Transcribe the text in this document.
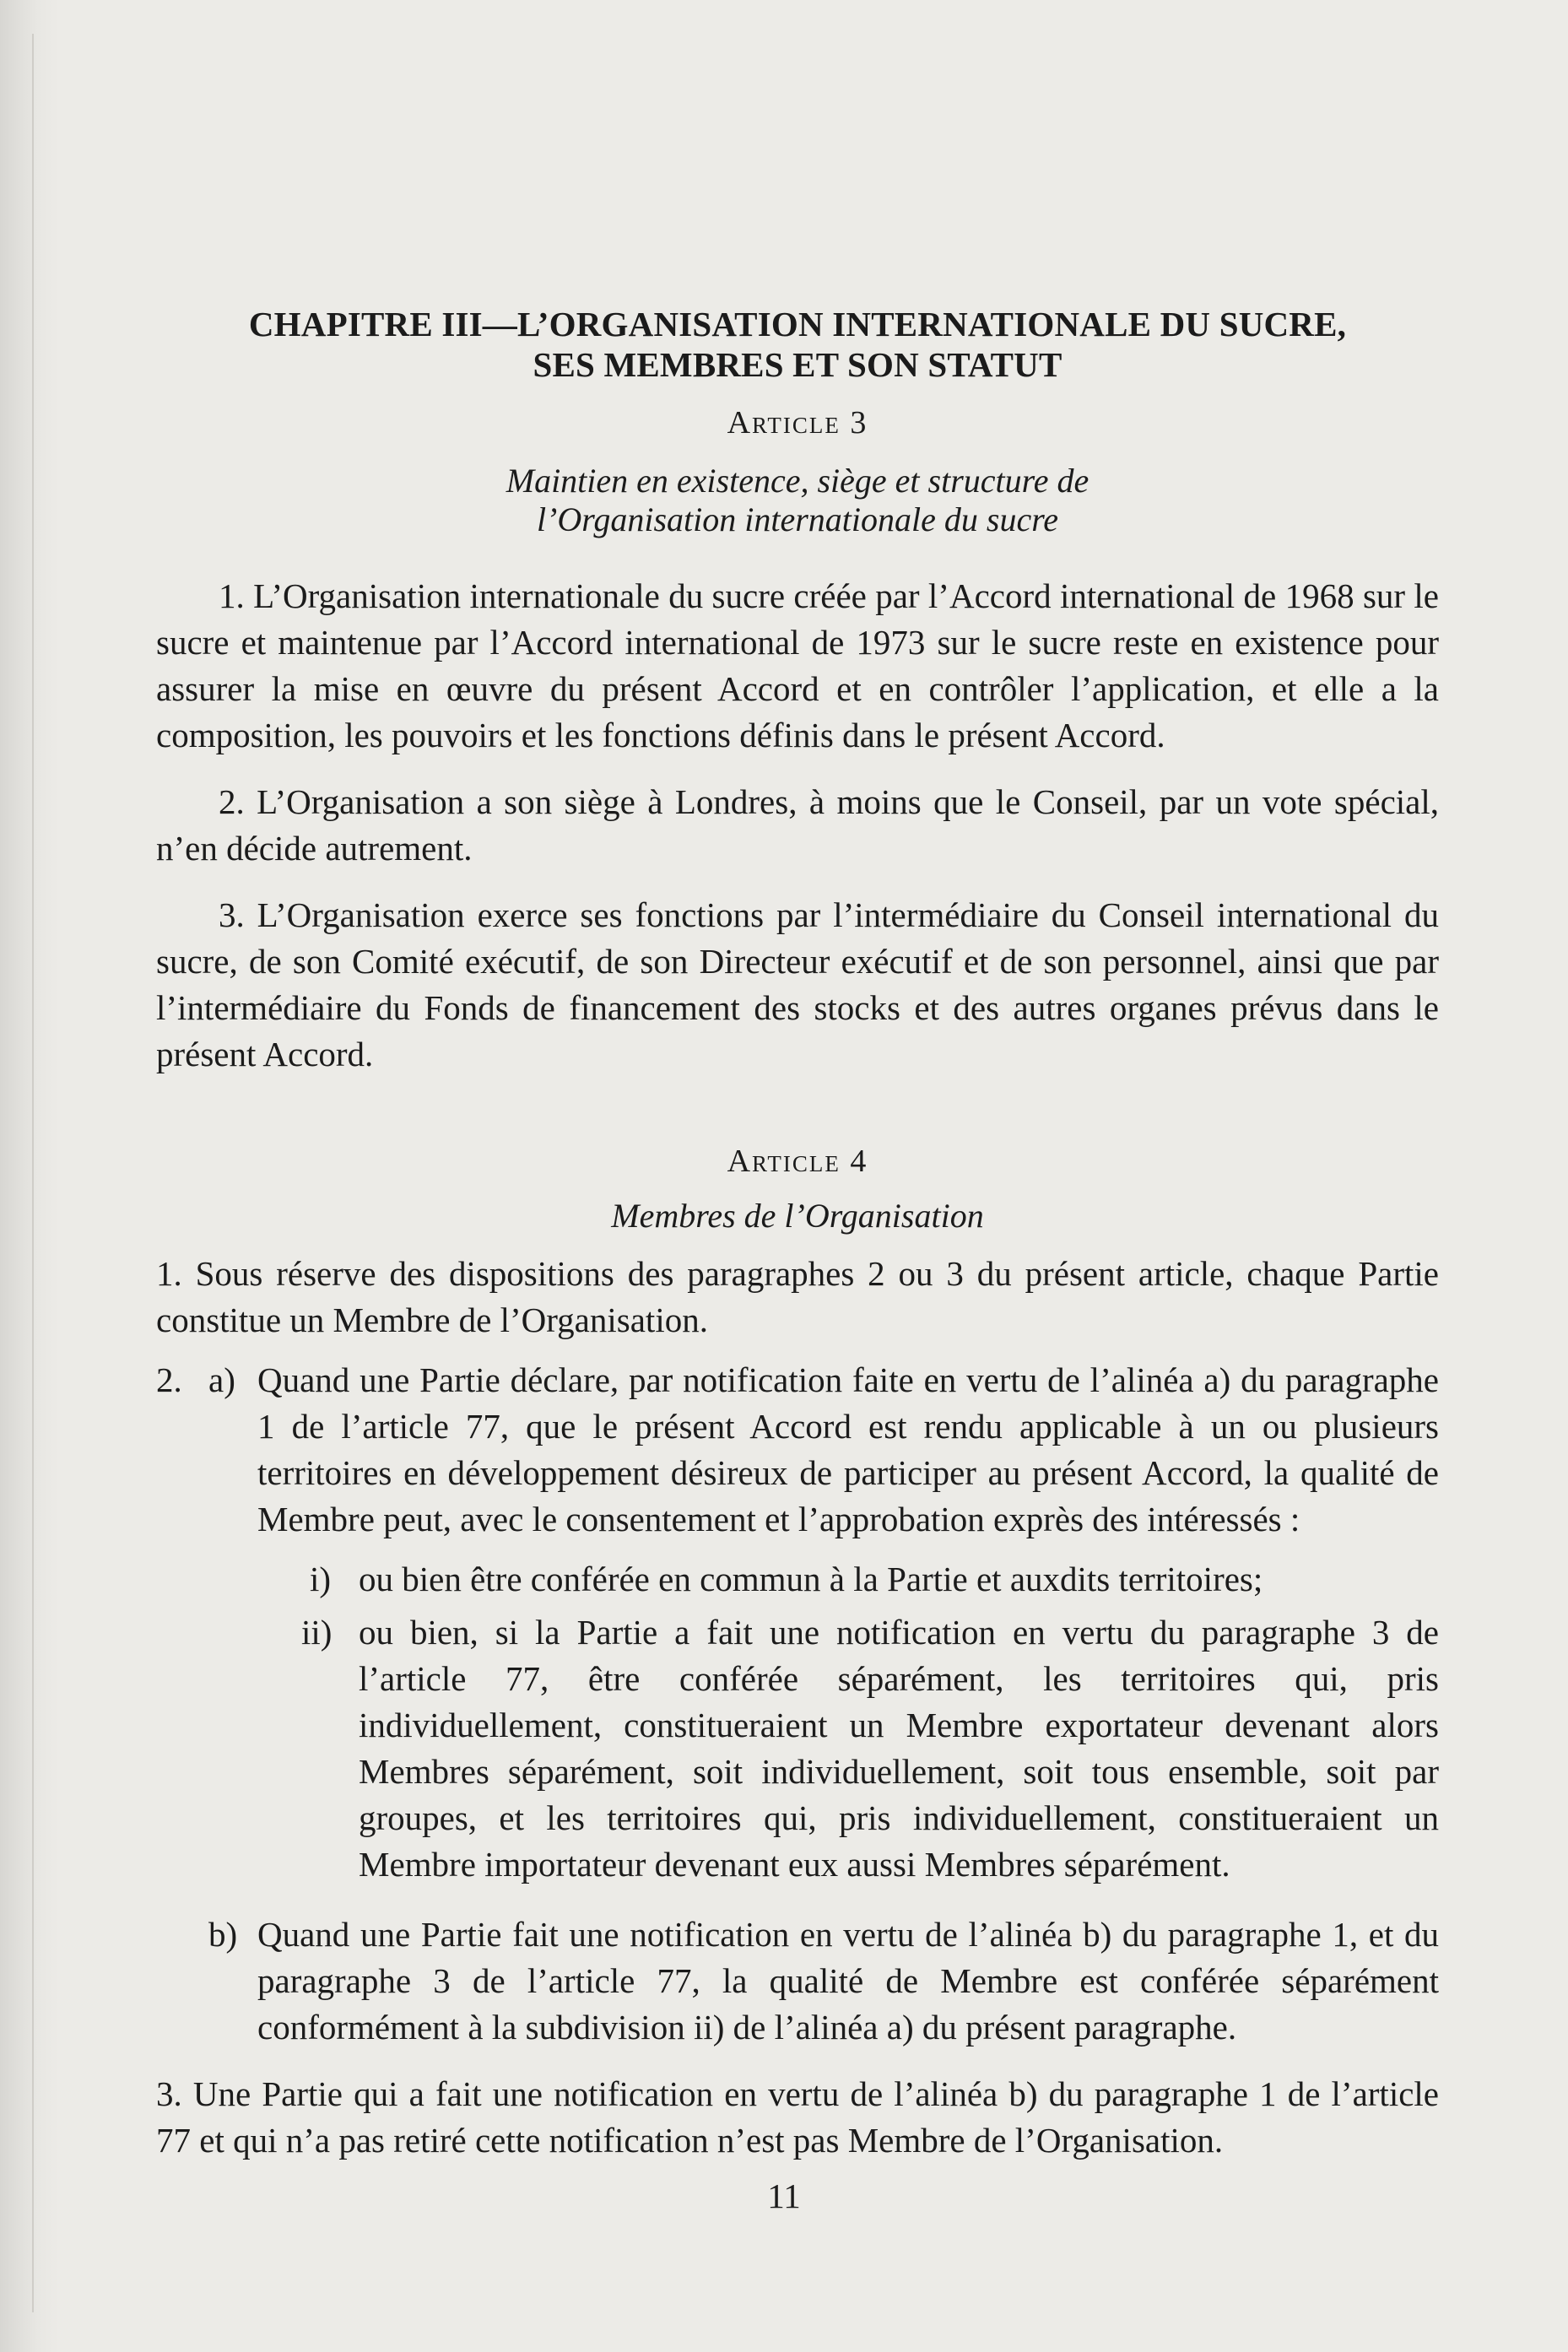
CHAPITRE III—L’ORGANISATION INTERNATIONALE DU SUCRE,

SES MEMBRES ET SON STATUT

Article 3

Maintien en existence, siège et structure de

l’Organisation internationale du sucre

1. L’Organisation internationale du sucre créée par l’Accord international de 1968 sur le sucre et maintenue par l’Accord international de 1973 sur le sucre reste en existence pour assurer la mise en œuvre du présent Accord et en contrôler l’application, et elle a la composition, les pouvoirs et les fonctions définis dans le présent Accord.

2. L’Organisation a son siège à Londres, à moins que le Conseil, par un vote spécial, n’en décide autrement.

3. L’Organisation exerce ses fonctions par l’intermédiaire du Conseil international du sucre, de son Comité exécutif, de son Directeur exécutif et de son personnel, ainsi que par l’intermédiaire du Fonds de financement des stocks et des autres organes prévus dans le présent Accord.

Article 4

Membres de l’Organisation

1. Sous réserve des dispositions des paragraphes 2 ou 3 du présent article, chaque Partie constitue un Membre de l’Organisation.

2. a) Quand une Partie déclare, par notification faite en vertu de l’alinéa a) du paragraphe 1 de l’article 77, que le présent Accord est rendu applicable à un ou plusieurs territoires en développement désireux de participer au présent Accord, la qualité de Membre peut, avec le consentement et l’approbation exprès des intéressés :
i) ou bien être conférée en commun à la Partie et auxdits territoires;
ii) ou bien, si la Partie a fait une notification en vertu du paragraphe 3 de l’article 77, être conférée séparément, les territoires qui, pris individuellement, constitueraient un Membre exportateur devenant alors Membres séparément, soit individuellement, soit tous ensemble, soit par groupes, et les territoires qui, pris individuellement, constitueraient un Membre importateur devenant eux aussi Membres séparément.
b) Quand une Partie fait une notification en vertu de l’alinéa b) du paragraphe 1, et du paragraphe 3 de l’article 77, la qualité de Membre est conférée séparément conformément à la subdivision ii) de l’alinéa a) du présent paragraphe.

3. Une Partie qui a fait une notification en vertu de l’alinéa b) du paragraphe 1 de l’article 77 et qui n’a pas retiré cette notification n’est pas Membre de l’Organisation.

11
